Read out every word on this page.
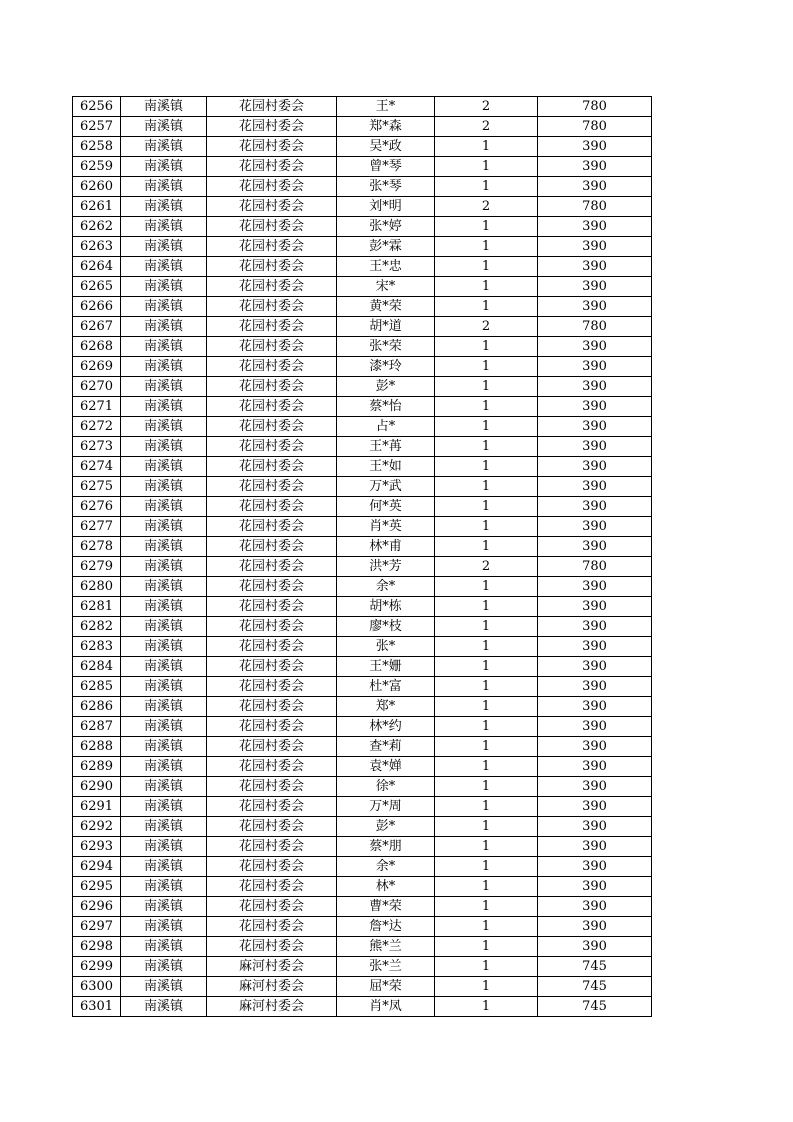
6256	南溪镇	花园村委会	王*	2	780
6257	南溪镇	花园村委会	郑*森	2	780
6258	南溪镇	花园村委会	吴*政	1	390
6259	南溪镇	花园村委会	曾*琴	1	390
6260	南溪镇	花园村委会	张*琴	1	390
6261	南溪镇	花园村委会	刘*明	2	780
6262	南溪镇	花园村委会	张*婷	1	390
6263	南溪镇	花园村委会	彭*霖	1	390
6264	南溪镇	花园村委会	王*忠	1	390
6265	南溪镇	花园村委会	宋*	1	390
6266	南溪镇	花园村委会	黄*荣	1	390
6267	南溪镇	花园村委会	胡*道	2	780
6268	南溪镇	花园村委会	张*荣	1	390
6269	南溪镇	花园村委会	漆*玲	1	390
6270	南溪镇	花园村委会	彭*	1	390
6271	南溪镇	花园村委会	蔡*怡	1	390
6272	南溪镇	花园村委会	占*	1	390
6273	南溪镇	花园村委会	王*苒	1	390
6274	南溪镇	花园村委会	王*如	1	390
6275	南溪镇	花园村委会	万*武	1	390
6276	南溪镇	花园村委会	何*英	1	390
6277	南溪镇	花园村委会	肖*英	1	390
6278	南溪镇	花园村委会	林*甫	1	390
6279	南溪镇	花园村委会	洪*芳	2	780
6280	南溪镇	花园村委会	余*	1	390
6281	南溪镇	花园村委会	胡*栋	1	390
6282	南溪镇	花园村委会	廖*枝	1	390
6283	南溪镇	花园村委会	张*	1	390
6284	南溪镇	花园村委会	王*姗	1	390
6285	南溪镇	花园村委会	杜*富	1	390
6286	南溪镇	花园村委会	郑*	1	390
6287	南溪镇	花园村委会	林*约	1	390
6288	南溪镇	花园村委会	查*莉	1	390
6289	南溪镇	花园村委会	袁*婵	1	390
6290	南溪镇	花园村委会	徐*	1	390
6291	南溪镇	花园村委会	万*周	1	390
6292	南溪镇	花园村委会	彭*	1	390
6293	南溪镇	花园村委会	蔡*朋	1	390
6294	南溪镇	花园村委会	余*	1	390
6295	南溪镇	花园村委会	林*	1	390
6296	南溪镇	花园村委会	曹*荣	1	390
6297	南溪镇	花园村委会	詹*达	1	390
6298	南溪镇	花园村委会	熊*兰	1	390
6299	南溪镇	麻河村委会	张*兰	1	745
6300	南溪镇	麻河村委会	屈*荣	1	745
6301	南溪镇	麻河村委会	肖*凤	1	745
